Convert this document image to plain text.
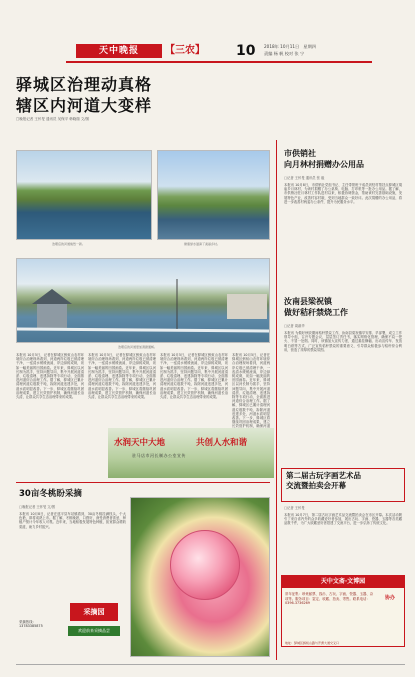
天中晚报	【三农】 10 2018年 10月11日　星期四
责编 杨 帆 校对 张 宁
驿城区治理动真格
辖区内河道大变样
□晚报记者 王怀旻 通讯员 吴保平 韩晓瑞 文/图
治理后的河道焕然一新。	健康绿水滋润了美丽乡村。
治理后的河道更加清澈通畅。
本报讯 10月5日，记者在驿城区蚂蚁山农村环境综合治理现场看到，河道两岸垃圾已被清理干净，一泓清水缓缓流淌，岸边绿树成荫，宛如一幅美丽的田园画卷。近年来，驿城区以河长制为抓手，坚持问题导向，集中开展河道清淤、垃圾清理、违建拆除等专项行动，全面推进河道综合治理工作。据了解，驿城区已累计清理河道垃圾数千吨，拆除河道违建多处，河道水质明显改善。下一步，驿城区将继续巩固治理成果，建立长效管护机制，确保河道长治久清，让群众共享生态治理带来的成果。
本报讯 10月5日，记者在驿城区蚂蚁山农村环境综合治理现场看到，河道两岸垃圾已被清理干净，一泓清水缓缓流淌，岸边绿树成荫，宛如一幅美丽的田园画卷。近年来，驿城区以河长制为抓手，坚持问题导向，集中开展河道清淤、垃圾清理、违建拆除等专项行动，全面推进河道综合治理工作。据了解，驿城区已累计清理河道垃圾数千吨，拆除河道违建多处，河道水质明显改善。下一步，驿城区将继续巩固治理成果，建立长效管护机制，确保河道长治久清，让群众共享生态治理带来的成果。
本报讯 10月5日，记者在驿城区蚂蚁山农村环境综合治理现场看到，河道两岸垃圾已被清理干净，一泓清水缓缓流淌，岸边绿树成荫，宛如一幅美丽的田园画卷。近年来，驿城区以河长制为抓手，坚持问题导向，集中开展河道清淤、垃圾清理、违建拆除等专项行动，全面推进河道综合治理工作。据了解，驿城区已累计清理河道垃圾数千吨，拆除河道违建多处，河道水质明显改善。下一步，驿城区将继续巩固治理成果，建立长效管护机制，确保河道长治久清，让群众共享生态治理带来的成果。
本报讯 10月5日，记者在驿城区蚂蚁山农村环境综合治理现场看到，河道两岸垃圾已被清理干净，一泓清水缓缓流淌，岸边绿树成荫，宛如一幅美丽的田园画卷。近年来，驿城区以河长制为抓手，坚持问题导向，集中开展河道清淤、垃圾清理、违建拆除等专项行动，全面推进河道综合治理工作。据了解，驿城区已累计清理河道垃圾数千吨，拆除河道违建多处，河道水质明显改善。下一步，驿城区将继续巩固治理成果，建立长效管护机制，确保河道
水润天中大地	共创人水和谐
驻马店市河长制办公室宣传
市供销社
向月林村捐赠办公用品
□记者 王怀旻 通讯员 张 毅
本报讯 10月8日，市供销社党组书记、主任带领班子成员到驻村帮扶点驿城区胡庙乡月林村，为该村捐赠了办公桌椅、电脑、打印机等一批办公用品。据了解，市供销社驻月林村工作队进村以来，积极协调资金，帮助该村完善基础设施，发展特色产业，改善村容村貌，受到当地群众一致好评。此次捐赠的办公用品，将进一步改善村两委办公条件，提升为民服务水平。
汝南县梁祝镇
做好秸秆禁烧工作
□记者 周淑华
本报讯 为做好秋收期间秸秆禁烧工作，汝南县梁祝镇早安排、早部署，成立工作领导小组，召开专题会议，层层签订责任书，落实网格化管理，确保不烧一把火、不冒一处烟。同时，该镇加大宣传力度，通过悬挂横幅、出动宣传车、发放明白纸等方式，广泛宣传秸秆禁烧的重要意义，引导群众积极参与秸秆综合利用，营造了浓厚的禁烧氛围。
第二届古玩字画艺术品
交流暨拍卖会开幕
□记者 王怀旻
本报讯 10月7日，第二届古玩字画艺术品交流暨拍卖会在市区开幕。本次活动吸引了来自省内外的众多收藏爱好者参加，展出古玩、字画、瓷器、玉器等各类藏品数千件，为广大收藏爱好者搭建了交流平台，进一步弘扬了传统文化。
天中文斋·文博园
常年征集：珍贵邮票、钱币、古玩、字画、瓷器、玉器、杂项等。服务项目：鉴定、收藏、拍卖、寄售。联系电话：0396-3736269
协办
地址：驿城区蚂蚁山路与开源大道交叉口
30亩冬桃盼采摘
□晚报记者 王怀旻 文/图
本报讯 10月8日，记者在遂平县车站镇看到，30亩冬桃挂满枝头，个大色艳，即将成熟上市。据了解，冬桃晚熟，口感好，深受消费者喜爱，种植户预计今年收入可观。近年来，当地积极发展特色种植，拓宽群众增收渠道，助力乡村振兴。
采摘园
采摘热线：
13783385875
欢迎前来采摘品尝
